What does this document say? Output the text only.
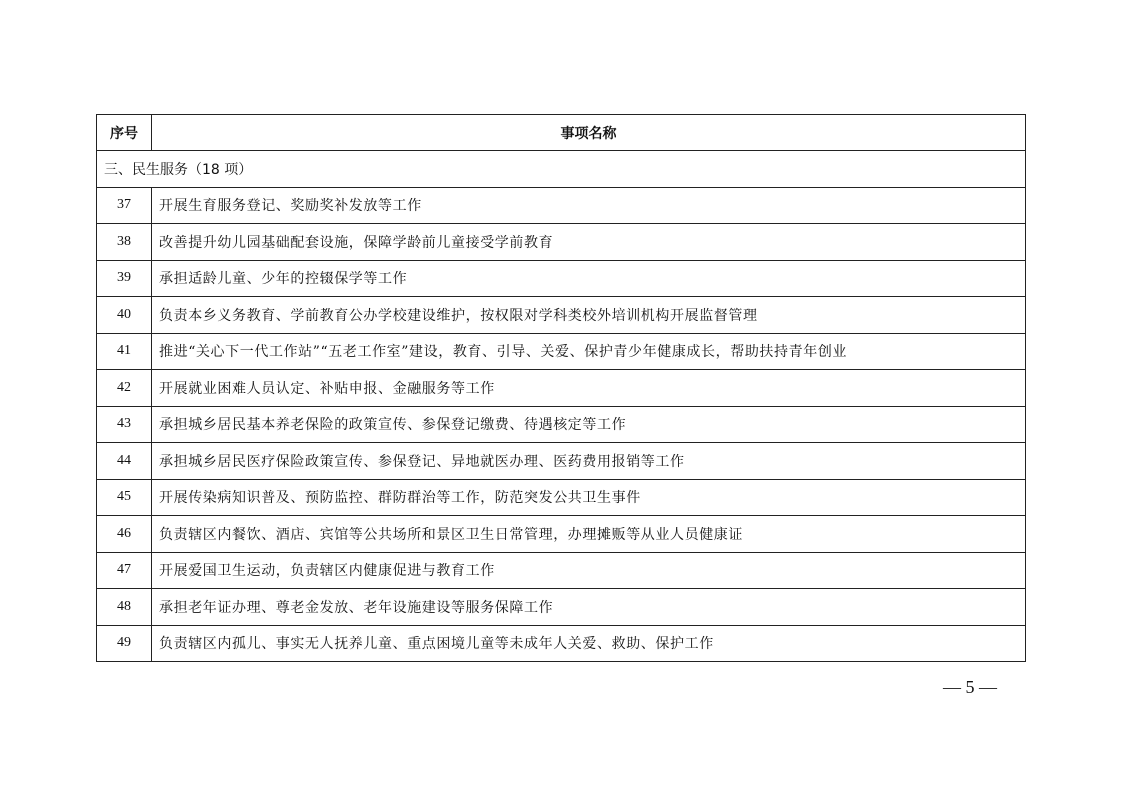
序号	事项名称
三、民生服务（18 项）	
37	开展生育服务登记、奖励奖补发放等工作
38	改善提升幼儿园基础配套设施，保障学龄前儿童接受学前教育
39	承担适龄儿童、少年的控辍保学等工作
40	负责本乡义务教育、学前教育公办学校建设维护，按权限对学科类校外培训机构开展监督管理
41	推进“关心下一代工作站”“五老工作室”建设，教育、引导、关爱、保护青少年健康成长，帮助扶持青年创业
42	开展就业困难人员认定、补贴申报、金融服务等工作
43	承担城乡居民基本养老保险的政策宣传、参保登记缴费、待遇核定等工作
44	承担城乡居民医疗保险政策宣传、参保登记、异地就医办理、医药费用报销等工作
45	开展传染病知识普及、预防监控、群防群治等工作，防范突发公共卫生事件
46	负责辖区内餐饮、酒店、宾馆等公共场所和景区卫生日常管理，办理摊贩等从业人员健康证
47	开展爱国卫生运动，负责辖区内健康促进与教育工作
48	承担老年证办理、尊老金发放、老年设施建设等服务保障工作
49	负责辖区内孤儿、事实无人抚养儿童、重点困境儿童等未成年人关爱、救助、保护工作
— 5 —
